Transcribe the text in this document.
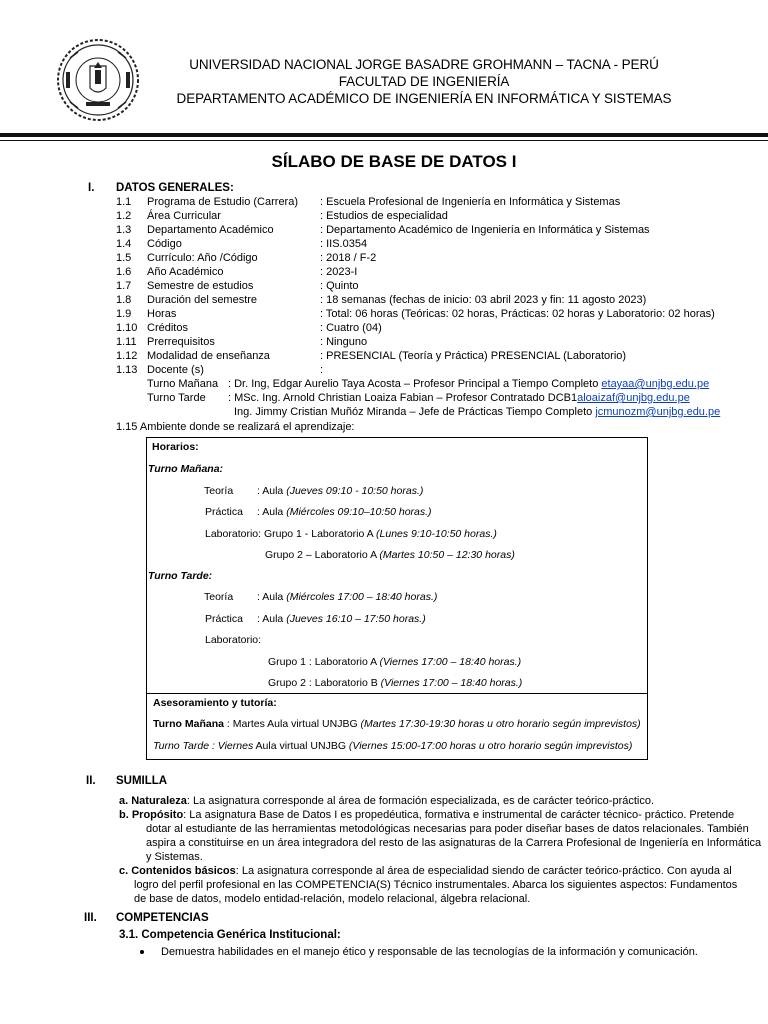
UNIVERSIDAD NACIONAL JORGE BASADRE GROHMANN – TACNA - PERÚ
FACULTAD DE INGENIERÍA
DEPARTAMENTO ACADÉMICO DE INGENIERÍA EN INFORMÁTICA Y SISTEMAS
SÍLABO DE BASE DE DATOS I
I. DATOS GENERALES:
1.1 Programa de Estudio (Carrera) : Escuela Profesional de Ingeniería en Informática y Sistemas
1.2 Área Curricular	: Estudios de especialidad
1.3 Departamento Académico	: Departamento Académico de Ingeniería en Informática y Sistemas
1.4 Código	: IIS.0354
1.5 Currículo: Año /Código	: 2018 / F-2
1.6 Año Académico	: 2023-I
1.7 Semestre de estudios	: Quinto
1.8 Duración del semestre	: 18 semanas (fechas de inicio: 03 abril 2023 y fin: 11 agosto 2023)
1.9 Horas	: Total: 06 horas (Teóricas: 02 horas, Prácticas: 02 horas y Laboratorio: 02 horas)
1.10 Créditos	: Cuatro (04)
1.11 Prerrequisitos	: Ninguno
1.12 Modalidad de enseñanza	: PRESENCIAL (Teoría y Práctica) PRESENCIAL (Laboratorio)
1.13 Docente (s)	:
Turno Mañana : Dr. Ing, Edgar Aurelio Taya Acosta – Profesor Principal a Tiempo Completo etayaa@unjbg.edu.pe
Turno Tarde : MSc. Ing. Arnold Christian Loaiza Fabian – Profesor Contratado DCB1aloaizaf@unjbg.edu.pe
Ing. Jimmy Cristian Muñóz Miranda – Jefe de Prácticas Tiempo Completo jcmunozm@unjbg.edu.pe
1.15 Ambiente donde se realizará el aprendizaje:
Horarios:
Turno Mañana:
Teoría : Aula (Jueves 09:10 - 10:50 horas.)
Práctica : Aula (Miércoles 09:10–10:50 horas.)
Laboratorio: Grupo 1 - Laboratorio A (Lunes 9:10-10:50 horas.)
Grupo 2 – Laboratorio A (Martes 10:50 – 12:30 horas)
Turno Tarde:
Teoría : Aula (Miércoles 17:00 – 18:40 horas.)
Práctica : Aula (Jueves 16:10 – 17:50 horas.)
Laboratorio:
Grupo 1 : Laboratorio A (Viernes 17:00 – 18:40 horas.)
Grupo 2 : Laboratorio B (Viernes 17:00 – 18:40 horas.)
Asesoramiento y tutoría:
Turno Mañana : Martes Aula virtual UNJBG (Martes 17:30-19:30 horas u otro horario según imprevistos)
Turno Tarde : Viernes Aula virtual UNJBG (Viernes 15:00-17:00 horas u otro horario según imprevistos)
II. SUMILLA
a. Naturaleza: La asignatura corresponde al área de formación especializada, es de carácter teórico-práctico.
b. Propósito: La asignatura Base de Datos I es propedéutica, formativa e instrumental de carácter técnico- práctico. Pretende
dotar al estudiante de las herramientas metodológicas necesarias para poder diseñar bases de datos relacionales. También
aspira a constituirse en un área integradora del resto de las asignaturas de la Carrera Profesional de Ingeniería en Informática
y Sistemas.
c. Contenidos básicos: La asignatura corresponde al área de especialidad siendo de carácter teórico-práctico. Con ayuda al
logro del perfil profesional en las COMPETENCIA(S) Técnico instrumentales. Abarca los siguientes aspectos: Fundamentos
de base de datos, modelo entidad-relación, modelo relacional, álgebra relacional.
III. COMPETENCIAS
3.1. Competencia Genérica Institucional:
Demuestra habilidades en el manejo ético y responsable de las tecnologías de la información y comunicación.
